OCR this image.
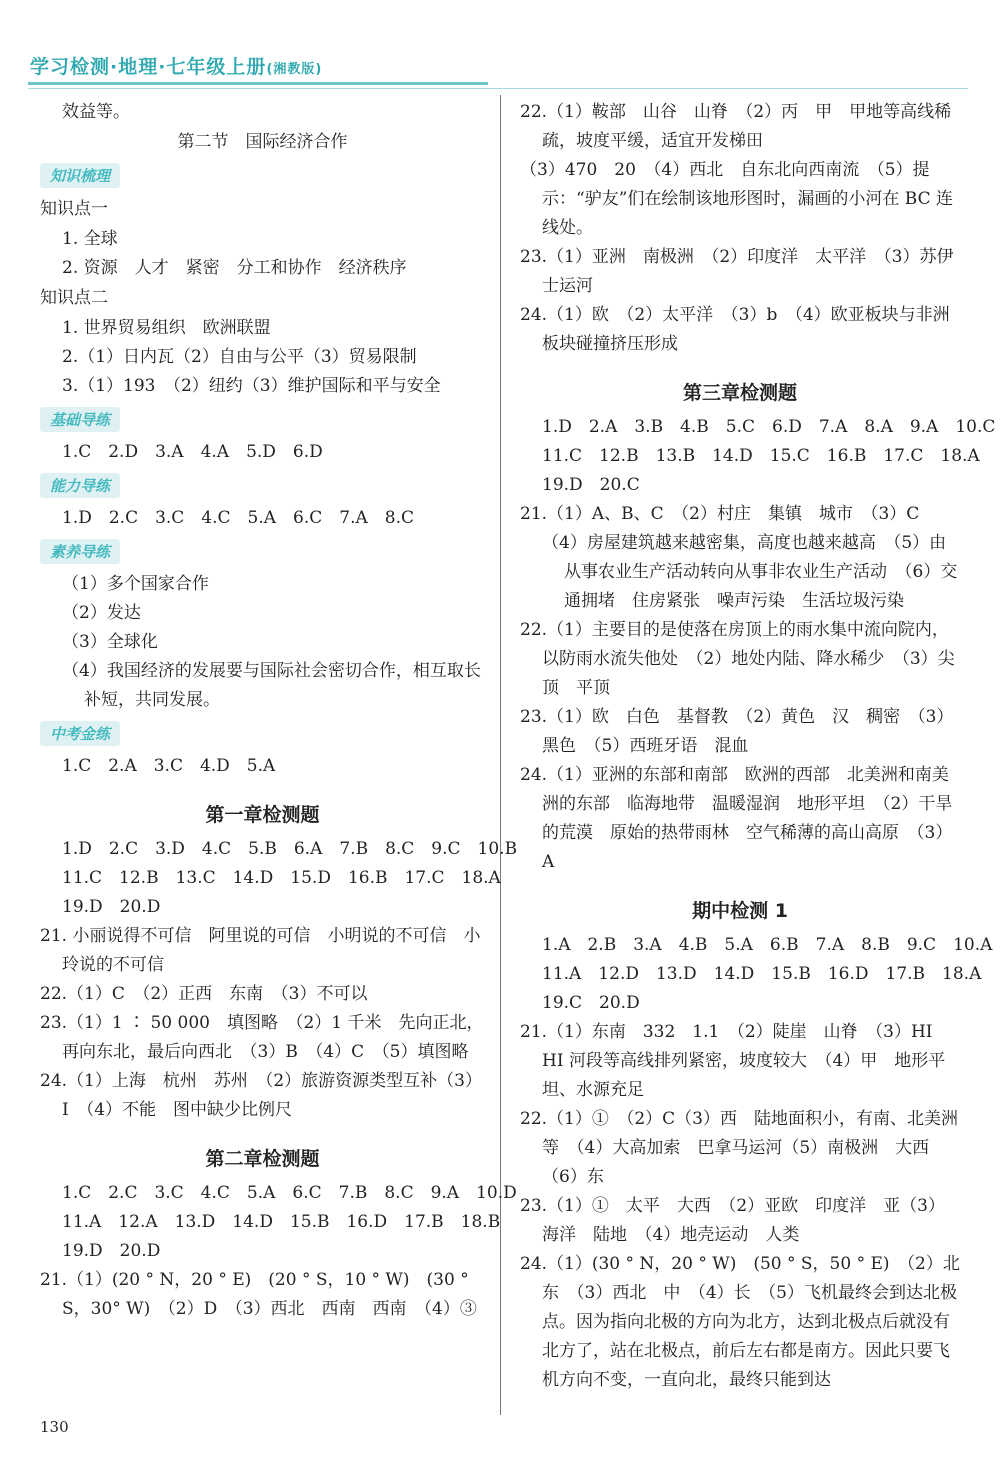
学习检测·地理·七年级上册(湘教版)
效益等。
第二节　国际经济合作
知识梳理
知识点一
1. 全球
2. 资源　人才　紧密　分工和协作　经济秩序
知识点二
1. 世界贸易组织　欧洲联盟
2.（1）日内瓦（2）自由与公平（3）贸易限制
3.（1）193　（2）纽约（3）维护国际和平与安全
基础导练
1.C　2.D　3.A　4.A　5.D　6.D
能力导练
1.D　2.C　3.C　4.C　5.A　6.C　7.A　8.C
素养导练
（1）多个国家合作
（2）发达
（3）全球化
（4）我国经济的发展要与国际社会密切合作，相互取长补短，共同发展。
中考金练
1.C　2.A　3.C　4.D　5.A
第一章检测题
1.D　2.C　3.D　4.C　5.B　6.A　7.B　8.C　9.C　10.B
11.C　12.B　13.C　14.D　15.D　16.B　17.C　18.A
19.D　20.D
21. 小丽说得不可信　阿里说的可信　小明说的不可信　小玲说的不可信
22.（1）C　（2）正西　东南　（3）不可以
23.（1）1 ∶ 50 000　填图略　（2）1 千米　先向正北，再向东北，最后向西北　（3）B　（4）C　（5）填图略
24.（1）上海　杭州　苏州　（2）旅游资源类型互补（3）I　（4）不能　图中缺少比例尺
第二章检测题
1.C　2.C　3.C　4.C　5.A　6.C　7.B　8.C　9.A　10.D
11.A　12.A　13.D　14.D　15.B　16.D　17.B　18.B
19.D　20.D
21.（1）(20 ° N，20 ° E)　(20 ° S，10 ° W)　(30 ° S，30° W)　（2）D　（3）西北　西南　西南　（4）③
22.（1）鞍部　山谷　山脊　（2）丙　甲　甲地等高线稀疏，坡度平缓，适宜开发梯田
（3）470　20　（4）西北　自东北向西南流　（5）提示：“驴友”们在绘制该地形图时，漏画的小河在 BC 连线处。
23.（1）亚洲　南极洲　（2）印度洋　太平洋　（3）苏伊士运河
24.（1）欧　（2）太平洋　（3）b　（4）欧亚板块与非洲板块碰撞挤压形成
第三章检测题
1.D　2.A　3.B　4.B　5.C　6.D　7.A　8.A　9.A　10.C
11.C　12.B　13.B　14.D　15.C　16.B　17.C　18.A
19.D　20.C
21.（1）A、B、C　（2）村庄　集镇　城市　（3）C
（4）房屋建筑越来越密集，高度也越来越高　（5）由从事农业生产活动转向从事非农业生产活动　（6）交通拥堵　住房紧张　噪声污染　生活垃圾污染
22.（1）主要目的是使落在房顶上的雨水集中流向院内，以防雨水流失他处　（2）地处内陆、降水稀少　（3）尖顶　平顶
23.（1）欧　白色　基督教　（2）黄色　汉　稠密　（3）黑色　（5）西班牙语　混血
24.（1）亚洲的东部和南部　欧洲的西部　北美洲和南美洲的东部　临海地带　温暖湿润　地形平坦　（2）干旱的荒漠　原始的热带雨林　空气稀薄的高山高原　（3）A
期中检测 1
1.A　2.B　3.A　4.B　5.A　6.B　7.A　8.B　9.C　10.A
11.A　12.D　13.D　14.D　15.B　16.D　17.B　18.A
19.C　20.D
21.（1）东南　332　1.1　（2）陡崖　山脊　（3）HI　HI 河段等高线排列紧密，坡度较大　（4）甲　地形平坦、水源充足
22.（1）①　（2）C（3）西　陆地面积小，有南、北美洲等　（4）大高加索　巴拿马运河（5）南极洲　大西　（6）东
23.（1）①　太平　大西　（2）亚欧　印度洋　亚（3）海洋　陆地　（4）地壳运动　人类
24.（1）(30 ° N，20 ° W)　(50 ° S，50 ° E)　（2）北　东　（3）西北　中　（4）长　（5）飞机最终会到达北极点。因为指向北极的方向为北方，达到北极点后就没有北方了，站在北极点，前后左右都是南方。因此只要飞机方向不变，一直向北，最终只能到达
130
